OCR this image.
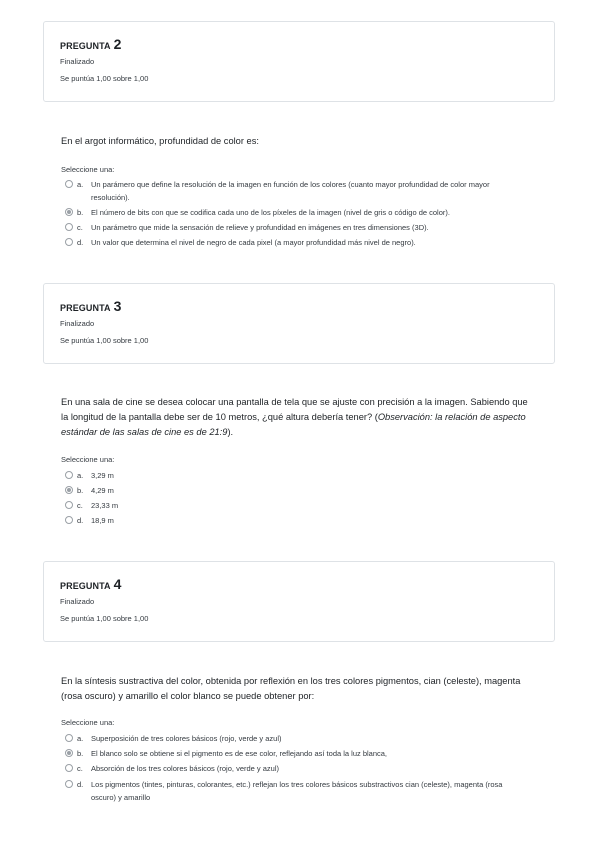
PREGUNTA 2
Finalizado
Se puntúa 1,00 sobre 1,00
En el argot informático, profundidad de color es:
Seleccione una:
a. Un parámero que define la resolución de la imagen en función de los colores (cuanto mayor profundidad de color mayor resolución).
b. El número de bits con que se codifica cada uno de los píxeles de la imagen (nivel de gris o código de color).
c. Un parámetro que mide la sensación de relieve y profundidad en imágenes en tres dimensiones (3D).
d. Un valor que determina el nivel de negro de cada pixel (a mayor profundidad más nivel de negro).
PREGUNTA 3
Finalizado
Se puntúa 1,00 sobre 1,00
En una sala de cine se desea colocar una pantalla de tela que se ajuste con precisión a la imagen. Sabiendo que la longitud de la pantalla debe ser de 10 metros, ¿qué altura debería tener? (Observación: la relación de aspecto estándar de las salas de cine es de 21:9).
Seleccione una:
a. 3,29 m
b. 4,29 m
c. 23,33 m
d. 18,9 m
PREGUNTA 4
Finalizado
Se puntúa 1,00 sobre 1,00
En la síntesis sustractiva del color, obtenida por reflexión en los tres colores pigmentos, cian (celeste), magenta (rosa oscuro) y amarillo el color blanco se puede obtener por:
Seleccione una:
a. Superposición de tres colores básicos (rojo, verde y azul)
b. El blanco solo se obtiene si el pigmento es de ese color, reflejando así toda la luz blanca,
c. Absorción de los tres colores básicos (rojo, verde y azul)
d. Los pigmentos (tintes, pinturas, colorantes, etc.) reflejan los tres colores básicos substractivos cian (celeste), magenta (rosa oscuro) y amarillo
